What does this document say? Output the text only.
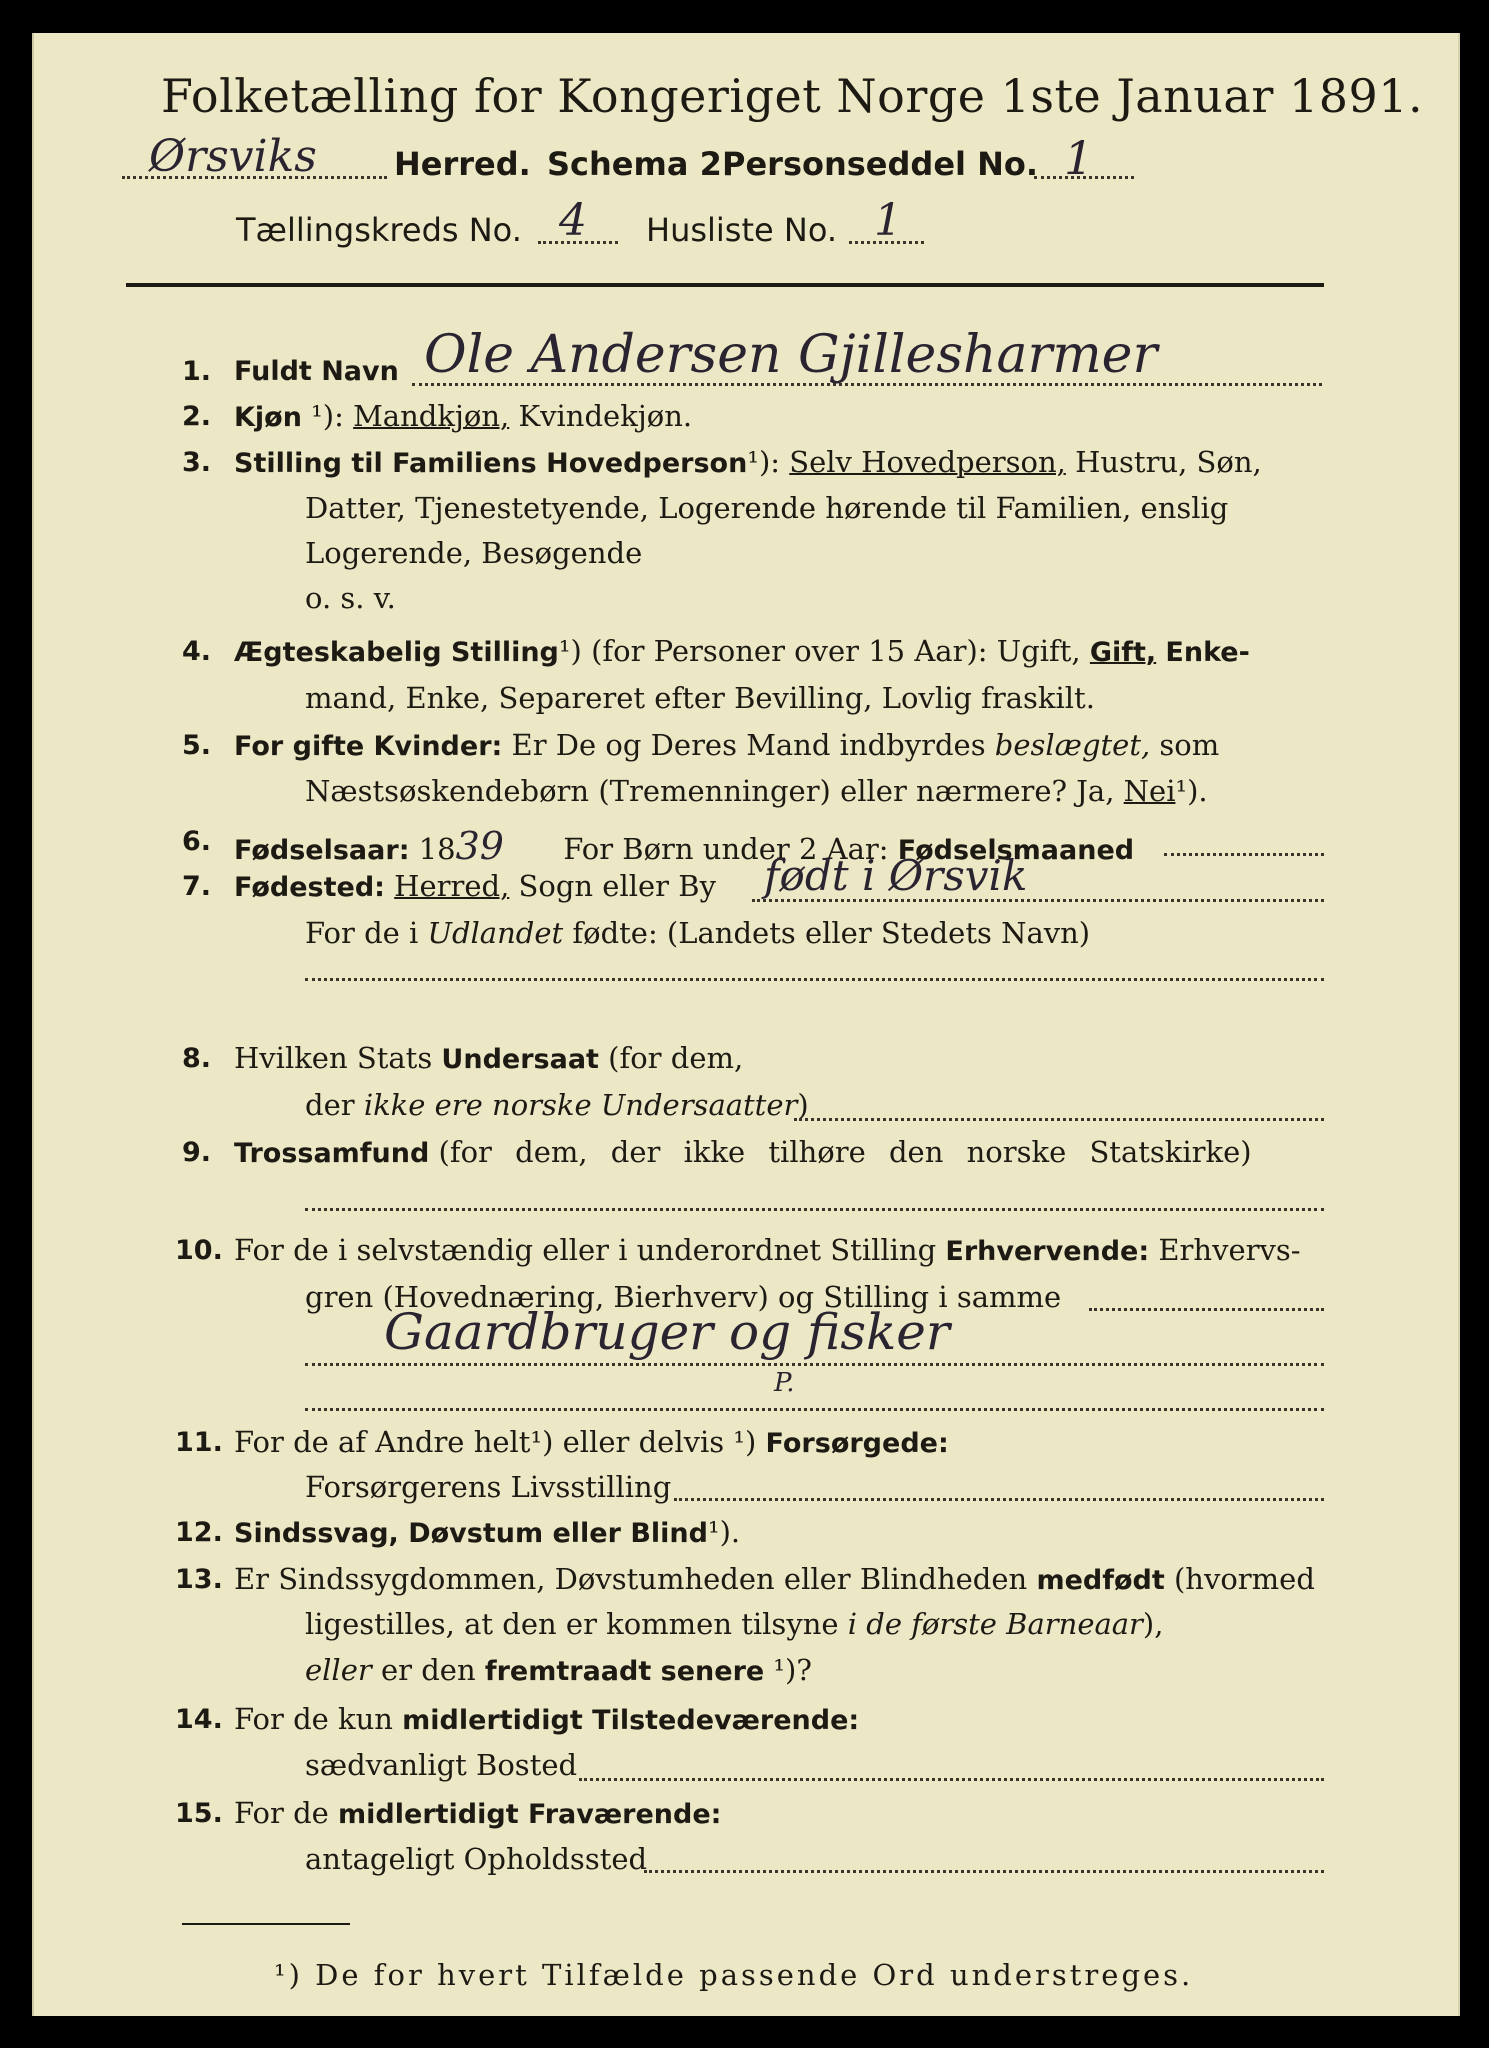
Folketælling for Kongeriget Norge 1ste Januar 1891.
Ørsviks Herred. Schema 2.
Personseddel No. 1
Tællingskreds No. 4 Husliste No. 1
1. Fuldt Navn Ole Andersen Gjillesharmer
2. Kjøn ¹): Mandkjøn, Kvindekjøn.
3. Stilling til Familiens Hovedperson¹): Selv Hovedperson, Hustru, Søn,
Datter, Tjenestetyende, Logerende hørende til Familien, enslig
Logerende, Besøgende
o. s. v.
4. Ægteskabelig Stilling¹) (for Personer over 15 Aar): Ugift, Gift, Enke-
mand, Enke, Separeret efter Bevilling, Lovlig fraskilt.
5. For gifte Kvinder: Er De og Deres Mand indbyrdes beslægtet, som
Næstsøskendebørn (Tremenninger) eller nærmere? Ja, Nei¹).
6. Fødselsaar: 1839 For Børn under 2 Aar: Fødselsmaaned
7. Fødested: Herred, Sogn eller By født i Ørsvik
For de i Udlandet fødte: (Landets eller Stedets Navn)
8. Hvilken Stats Undersaat (for dem,
der ikke ere norske Undersaatter)
9. Trossamfund (for dem, der ikke tilhøre den norske Statskirke)
10. For de i selvstændig eller i underordnet Stilling Erhvervende: Erhvervs-
gren (Hovednæring, Bierhverv) og Stilling i samme
Gaardbruger og fisker
P.
11. For de af Andre helt¹) eller delvis ¹) Forsørgede:
Forsørgerens Livsstilling
12. Sindssvag, Døvstum eller Blind¹).
13. Er Sindssygdommen, Døvstumheden eller Blindheden medfødt (hvormed
ligestilles, at den er kommen tilsyne i de første Barneaar),
eller er den fremtraadt senere ¹)?
14. For de kun midlertidigt Tilstedeværende:
sædvanligt Bosted
15. For de midlertidigt Fraværende:
antageligt Opholdssted
¹) De for hvert Tilfælde passende Ord understreges.
